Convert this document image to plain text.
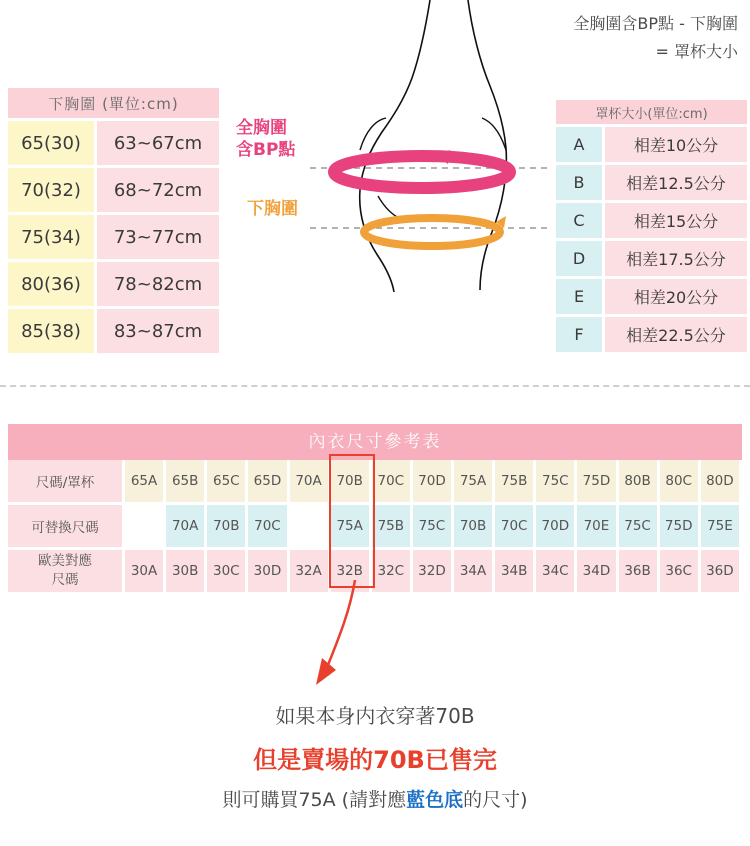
全胸圍含BP點 - 下胸圍
= 罩杯大小
全胸圍
含BP點
下胸圍
下胸圍 (單位:cm)	
65(30)	63~67cm
70(32)	68~72cm
75(34)	73~77cm
80(36)	78~82cm
85(38)	83~87cm
罩杯大小(單位:cm)	
A	相差10公分
B	相差12.5公分
C	相差15公分
D	相差17.5公分
E	相差20公分
F	相差22.5公分
內衣尺寸參考表
尺碼/罩杯	65A	65B	65C	65D	70A	70B	70C	70D	75A	75B	75C	75D	80B	80C	80D
可替換尺碼		70A	70B	70C		75A	75B	75C	70B	70C	70D	70E	75C	75D	75E

歐美對應
尺碼	30A	30B	30C	30D	32A	32B	32C	32D	34A	34B	34C	34D	36B	36C	36D
如果本身内衣穿著70B
但是賣場的70B已售完
則可購買75A (請對應藍色底的尺寸)
